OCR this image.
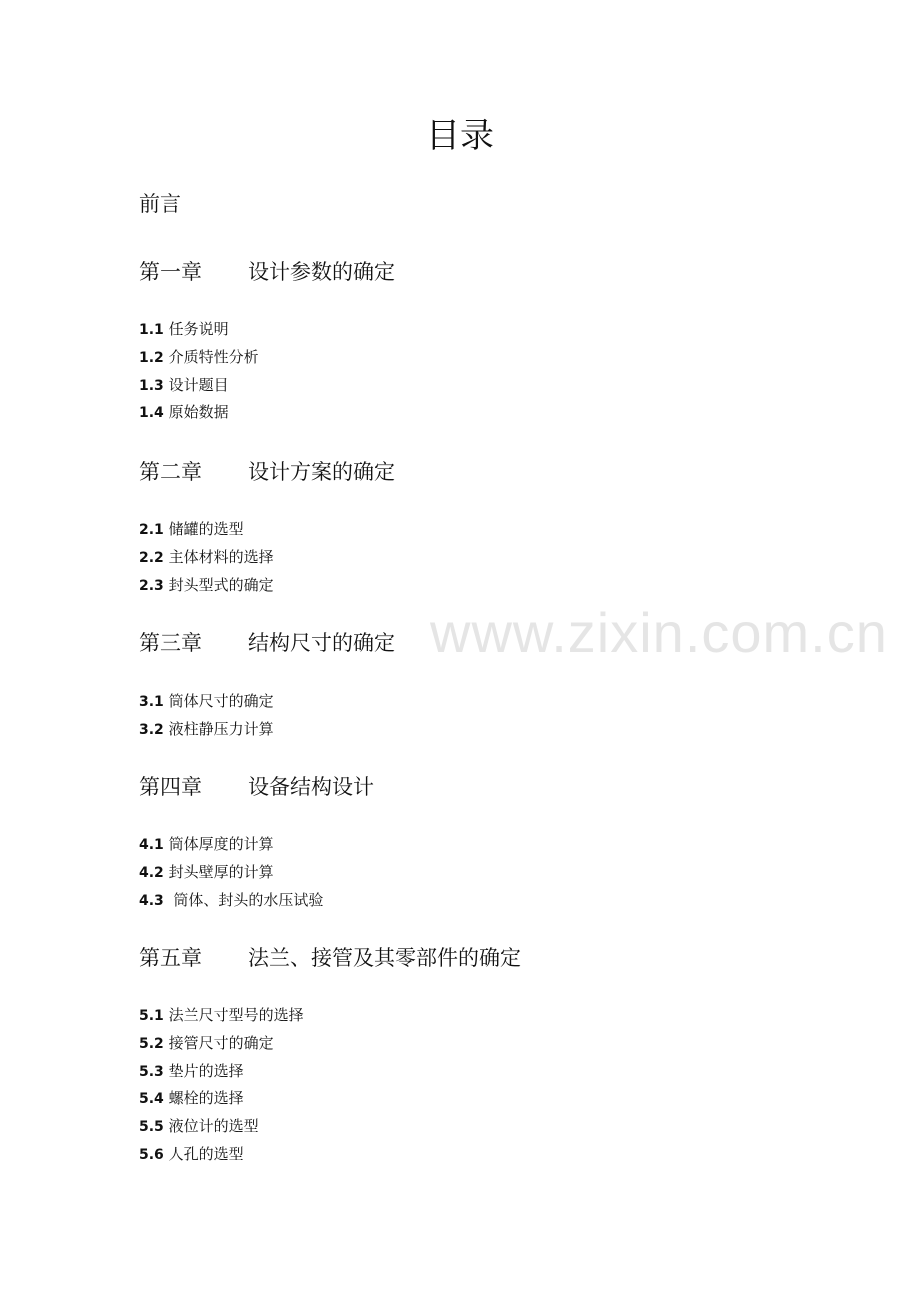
目录
前言
第一章 设计参数的确定
1.1 任务说明
1.2 介质特性分析
1.3 设计题目
1.4 原始数据
第二章 设计方案的确定
2.1 储罐的选型
2.2 主体材料的选择
2.3 封头型式的确定
第三章 结构尺寸的确定
3.1 筒体尺寸的确定
3.2 液柱静压力计算
第四章 设备结构设计
4.1 筒体厚度的计算
4.2 封头壁厚的计算
4.3  筒体、封头的水压试验
第五章 法兰、接管及其零部件的确定
5.1 法兰尺寸型号的选择
5.2 接管尺寸的确定
5.3 垫片的选择
5.4 螺栓的选择
5.5 液位计的选型
5.6 人孔的选型
www.zixin.com.cn
